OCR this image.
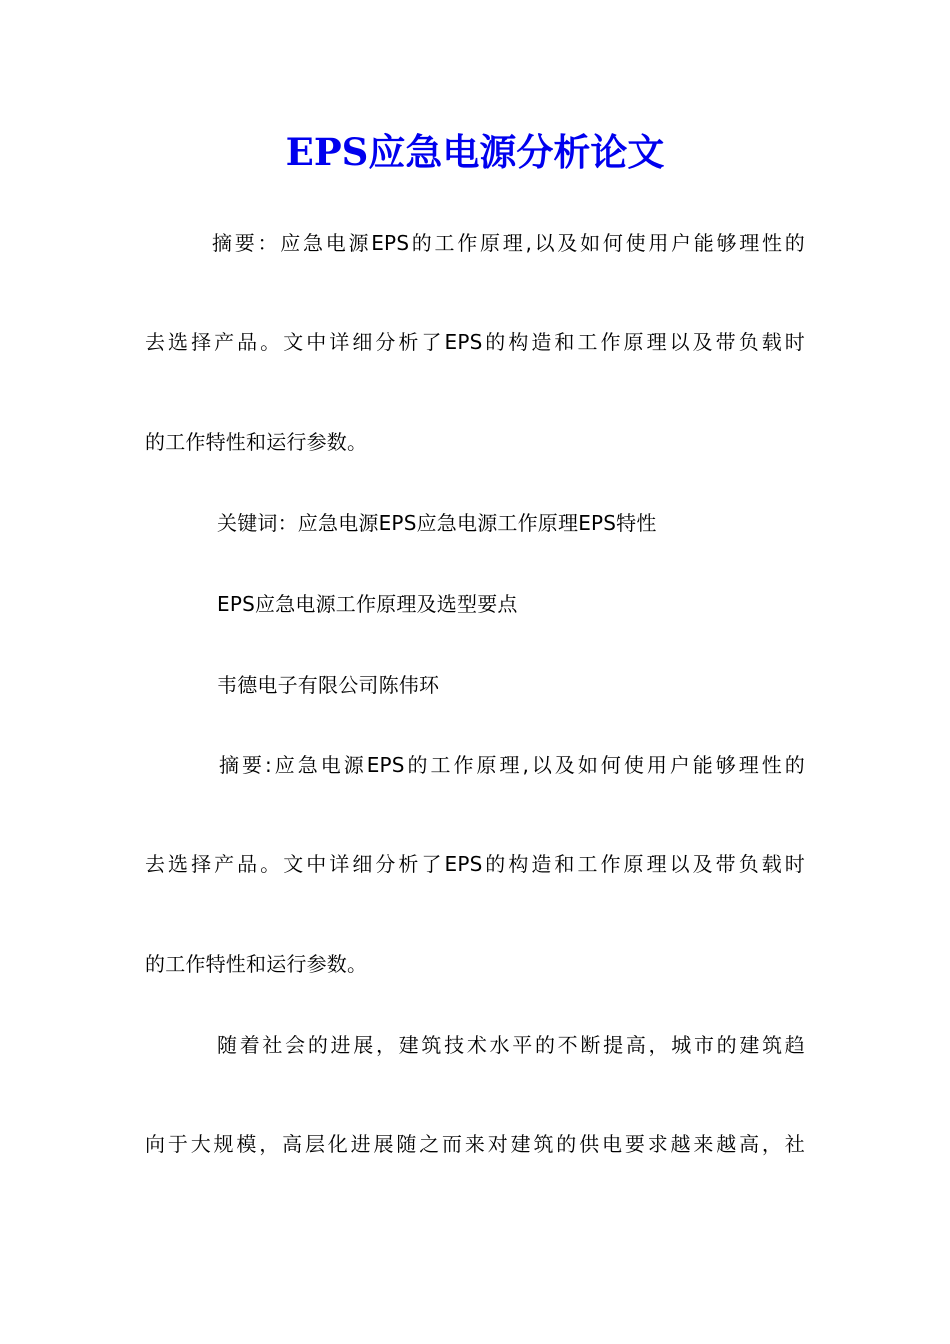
EPS应急电源分析论文
摘要：应急电源EPS的工作原理,以及如何使用户能够理性的
去选择产品。文中详细分析了EPS的构造和工作原理以及带负载时
的工作特性和运行参数。
关键词：应急电源EPS应急电源工作原理EPS特性
EPS应急电源工作原理及选型要点
韦德电子有限公司陈伟环
摘要:应急电源EPS的工作原理,以及如何使用户能够理性的
去选择产品。文中详细分析了EPS的构造和工作原理以及带负载时
的工作特性和运行参数。
随着社会的进展，建筑技术水平的不断提高，城市的建筑趋
向于大规模，高层化进展随之而来对建筑的供电要求越来越高，社
